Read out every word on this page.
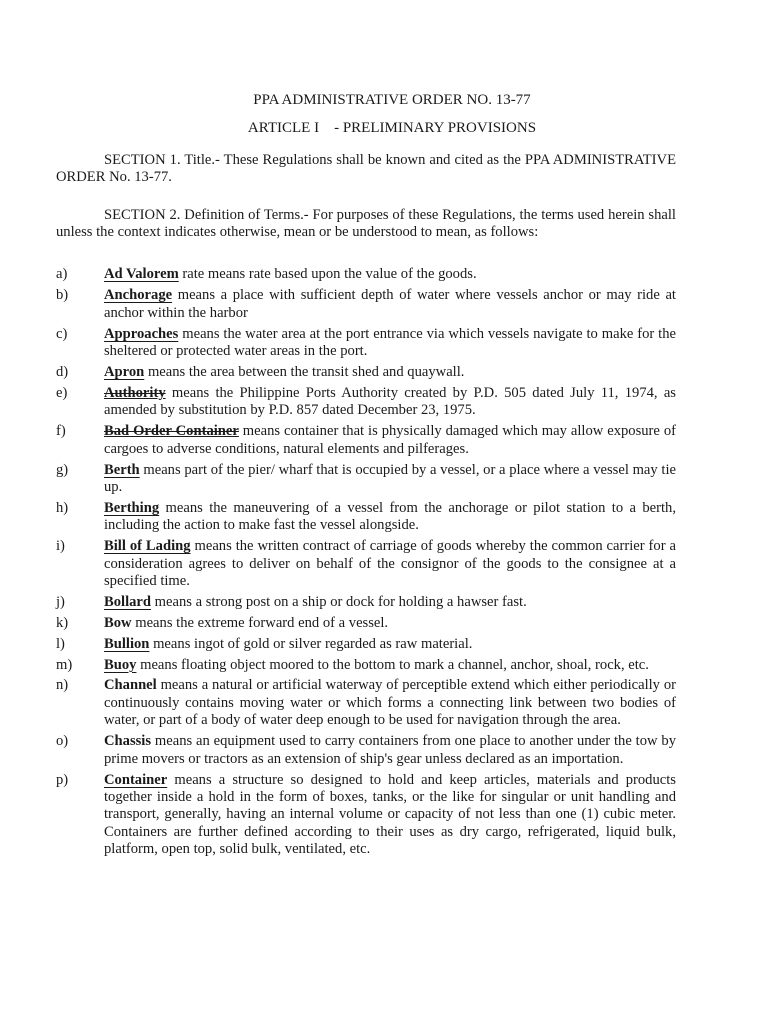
PPA ADMINISTRATIVE ORDER NO. 13-77
ARTICLE I    - PRELIMINARY PROVISIONS

SECTION 1. Title.- These Regulations shall be known and cited as the PPA ADMINISTRATIVE ORDER No. 13-77.

SECTION 2. Definition of Terms.- For purposes of these Regulations, the terms used herein shall unless the context indicates otherwise, mean or be understood to mean, as follows:

a)	Ad Valorem rate means rate based upon the value of the goods.
b) Anchorage means a place with sufficient depth of water where vessels anchor or may ride at anchor within the harbor
c)	Approaches means the water area at the port entrance via which vessels navigate to make for the sheltered or protected water areas in the port.
d) Apron means the area between the transit shed and quaywall.
e)	Authority means the Philippine Ports Authority created by P.D. 505 dated July 11, 1974, as amended by substitution by P.D. 857 dated December 23, 1975.
f)	Bad Order Container means container that is physically damaged which may allow exposure of cargoes to adverse conditions, natural elements and pilferages.
g) Berth means part of the pier/ wharf that is occupied by a vessel, or a place where a vessel may tie up.
h) Berthing means the maneuvering of a vessel from the anchorage or pilot station to a berth, including the action to make fast the vessel alongside.
i)	Bill of Lading means the written contract of carriage of goods whereby the common carrier for a consideration agrees to deliver on behalf of the consignor of the goods to the consignee at a specified time.
j)	Bollard means a strong post on a ship or dock for holding a hawser fast.
k) Bow means the extreme forward end of a vessel.
l)	Bullion means ingot of gold or silver regarded as raw material.
m) Buoy means floating object moored to the bottom to mark a channel, anchor, shoal, rock, etc.
n) Channel means a natural or artificial waterway of perceptible extend which either periodically or continuously contains moving water or which forms a connecting link between two bodies of water, or part of a body of water deep enough to be used for navigation through the area.
o) Chassis means an equipment used to carry containers from one place to another under the tow by prime movers or tractors as an extension of ship's gear unless declared as an importation.
p) Container means a structure so designed to hold and keep articles, materials and products together inside a hold in the form of boxes, tanks, or the like for singular or unit handling and transport, generally, having an internal volume or capacity of not less than one (1) cubic meter. Containers are further defined according to their uses as dry cargo, refrigerated, liquid bulk, platform, open top, solid bulk, ventilated, etc.
